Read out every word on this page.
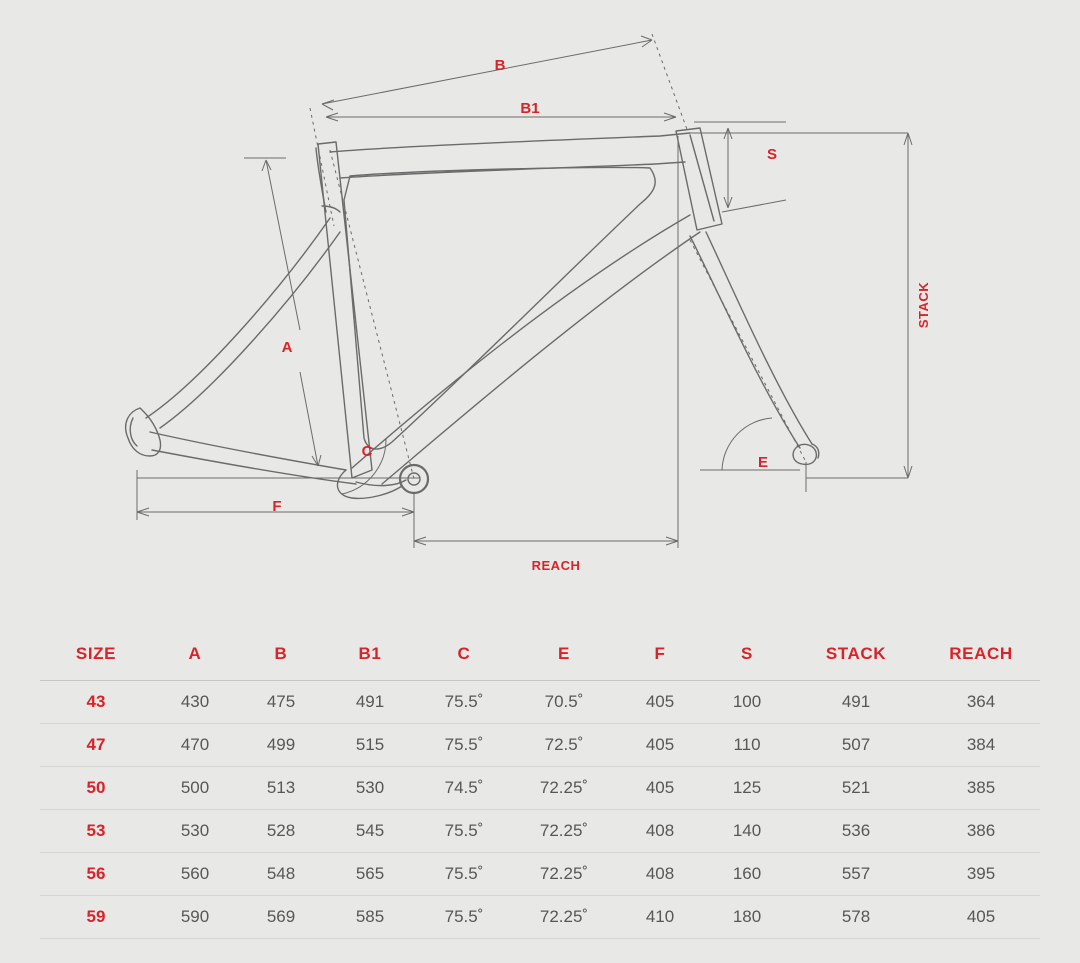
B
B1
S
A
C
E
F
STACK
REACH
SIZE	A	B	B1	C	E	F	S	STACK	REACH
43	430	475	491	75.5˚	70.5˚	405	100	491	364
47	470	499	515	75.5˚	72.5˚	405	110	507	384
50	500	513	530	74.5˚	72.25˚	405	125	521	385
53	530	528	545	75.5˚	72.25˚	408	140	536	386
56	560	548	565	75.5˚	72.25˚	408	160	557	395
59	590	569	585	75.5˚	72.25˚	410	180	578	405
